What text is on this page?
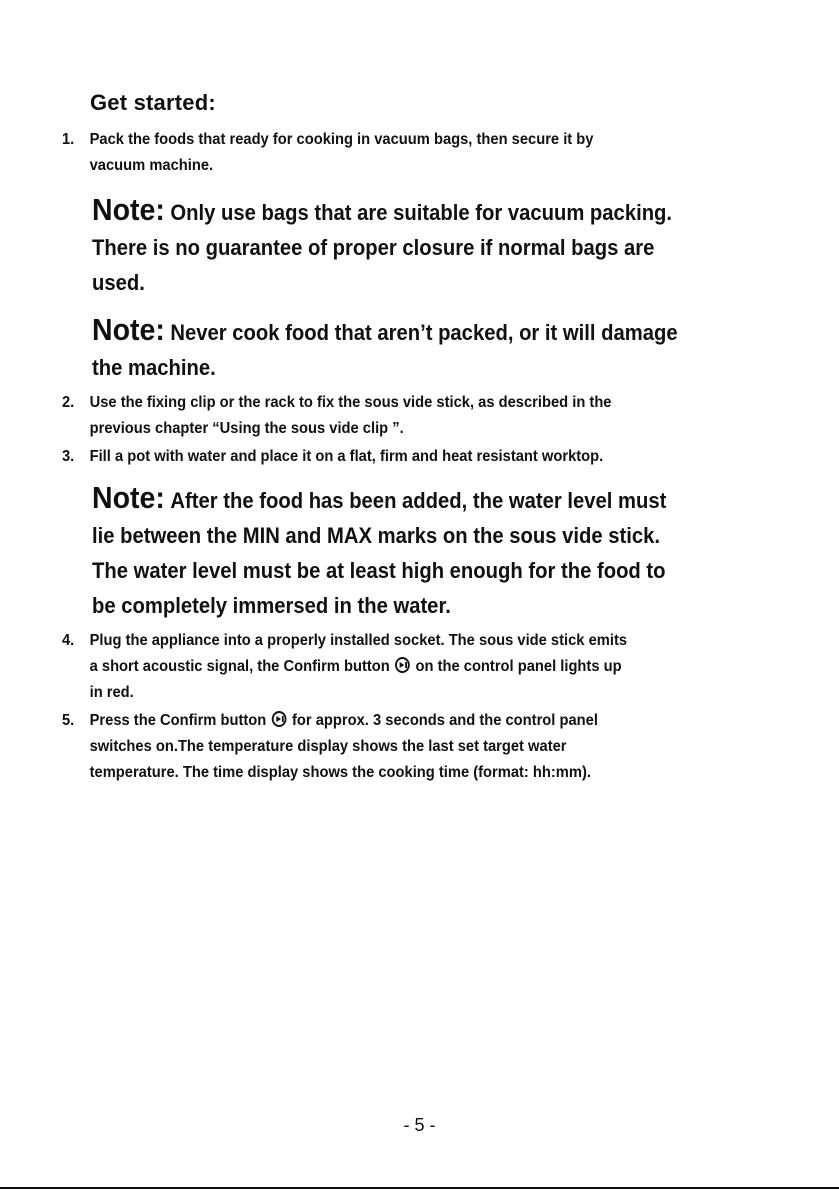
Get started:
1. Pack the foods that ready for cooking in vacuum bags, then secure it by
vacuum machine.
Note: Only use bags that are suitable for vacuum packing.
There is no guarantee of proper closure if normal bags are
used.
Note: Never cook food that aren’t packed, or it will damage
the machine.
2. Use the fixing clip or the rack to fix the sous vide stick, as described in the
previous chapter “Using the sous vide clip ”.
3. Fill a pot with water and place it on a flat, firm and heat resistant worktop.
Note: After the food has been added, the water level must
lie between the MIN and MAX marks on the sous vide stick.
The water level must be at least high enough for the food to
be completely immersed in the water.
4. Plug the appliance into a properly installed socket. The sous vide stick emits
a short acoustic signal, the Confirm button on the control panel lights up
in red.
5. Press the Confirm button for approx. 3 seconds and the control panel
switches on.The temperature display shows the last set target water
temperature. The time display shows the cooking time (format: hh:mm).
- 5 -
